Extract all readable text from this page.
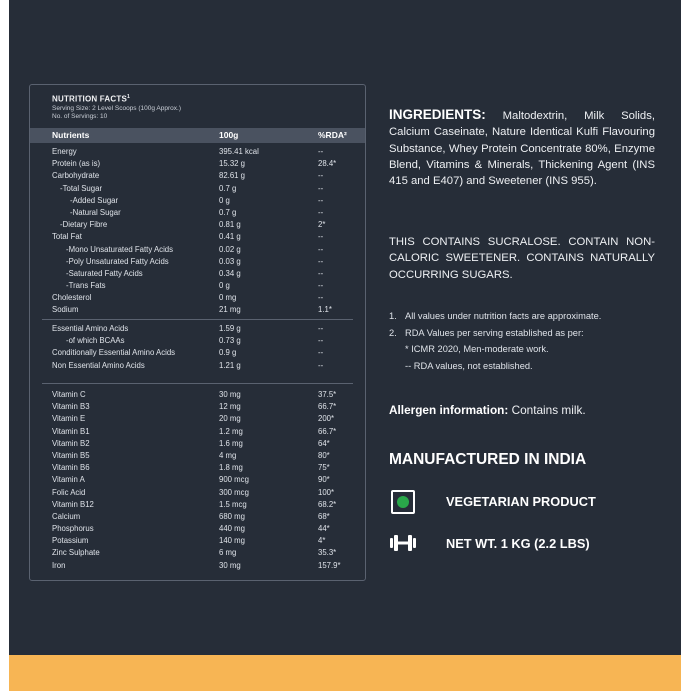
NUTRITION FACTS$^1$
Serving Size: 2 Level Scoops (100g Approx.)
No. of Servings: 10
Nutrients	100g	%RDA²
Energy	395.41 kcal	--
Protein (as is)	15.32 g	28.4*
Carbohydrate	82.61 g	--
-Total Sugar	0.7 g	--
-Added Sugar	0 g	--
-Natural Sugar	0.7 g	--
-Dietary Fibre	0.81 g	2*
Total Fat	0.41 g	--
-Mono Unsaturated Fatty Acids	0.02 g	--
-Poly Unsaturated Fatty Acids	0.03 g	--
-Saturated Fatty Acids	0.34 g	--
-Trans Fats	0 g	--
Cholesterol	0 mg	--
Sodium	21 mg	1.1*
Essential Amino Acids	1.59 g	--
-of which BCAAs	0.73 g	--
Conditionally Essential Amino Acids	0.9 g	--
Non Essential Amino Acids	1.21 g	--
Vitamin C	30 mg	37.5*
Vitamin B3	12 mg	66.7*
Vitamin E	20 mg	200*
Vitamin B1	1.2 mg	66.7*
Vitamin B2	1.6 mg	64*
Vitamin B5	4 mg	80*
Vitamin B6	1.8 mg	75*
Vitamin A	900 mcg	90*
Folic Acid	300 mcg	100*
Vitamin B12	1.5 mcg	68.2*
Calcium	680 mg	68*
Phosphorus	440 mg	44*
Potassium	140 mg	4*
Zinc Sulphate	6 mg	35.3*
Iron	30 mg	157.9*
INGREDIENTS: Maltodextrin, Milk Solids, Calcium Caseinate, Nature Identical Kulfi Flavouring Substance, Whey Protein Concentrate 80%, Enzyme Blend, Vitamins & Minerals, Thickening Agent (INS 415 and E407) and Sweetener (INS 955).
THIS CONTAINS SUCRALOSE. CONTAIN NON-CALORIC SWEETENER. CONTAINS NATURALLY OCCURRING SUGARS.
1. All values under nutrition facts are approximate.
2. RDA Values per serving established as per:
* ICMR 2020, Men-moderate work.
-- RDA values, not established.
Allergen information: Contains milk.
MANUFACTURED IN INDIA
VEGETARIAN PRODUCT
NET WT. 1 KG (2.2 LBS)
